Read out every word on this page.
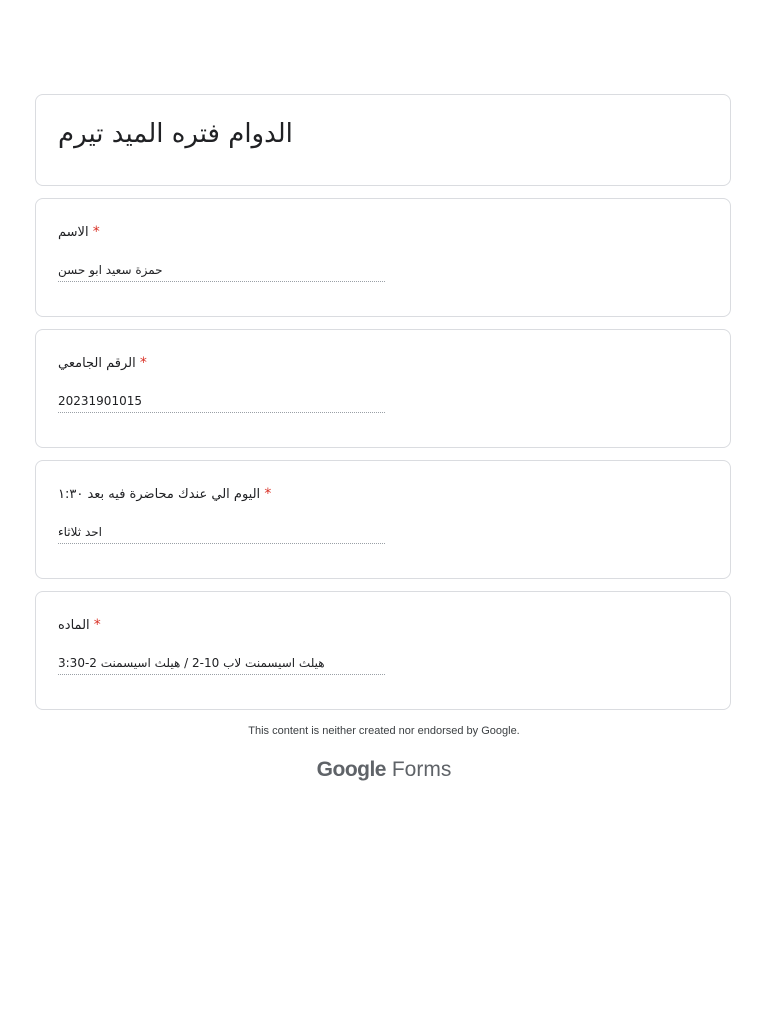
الدوام فتره الميد تيرم
الاسم *
حمزة سعيد ابو حسن
الرقم الجامعي *
20231901015
اليوم الي عندك محاضرة فيه بعد ١:٣٠ *
احد ثلاثاء
الماده *
هيلث اسيسمنت لاب 10-2 / هيلث اسيسمنت 2-3:30
This content is neither created nor endorsed by Google.
Google Forms
